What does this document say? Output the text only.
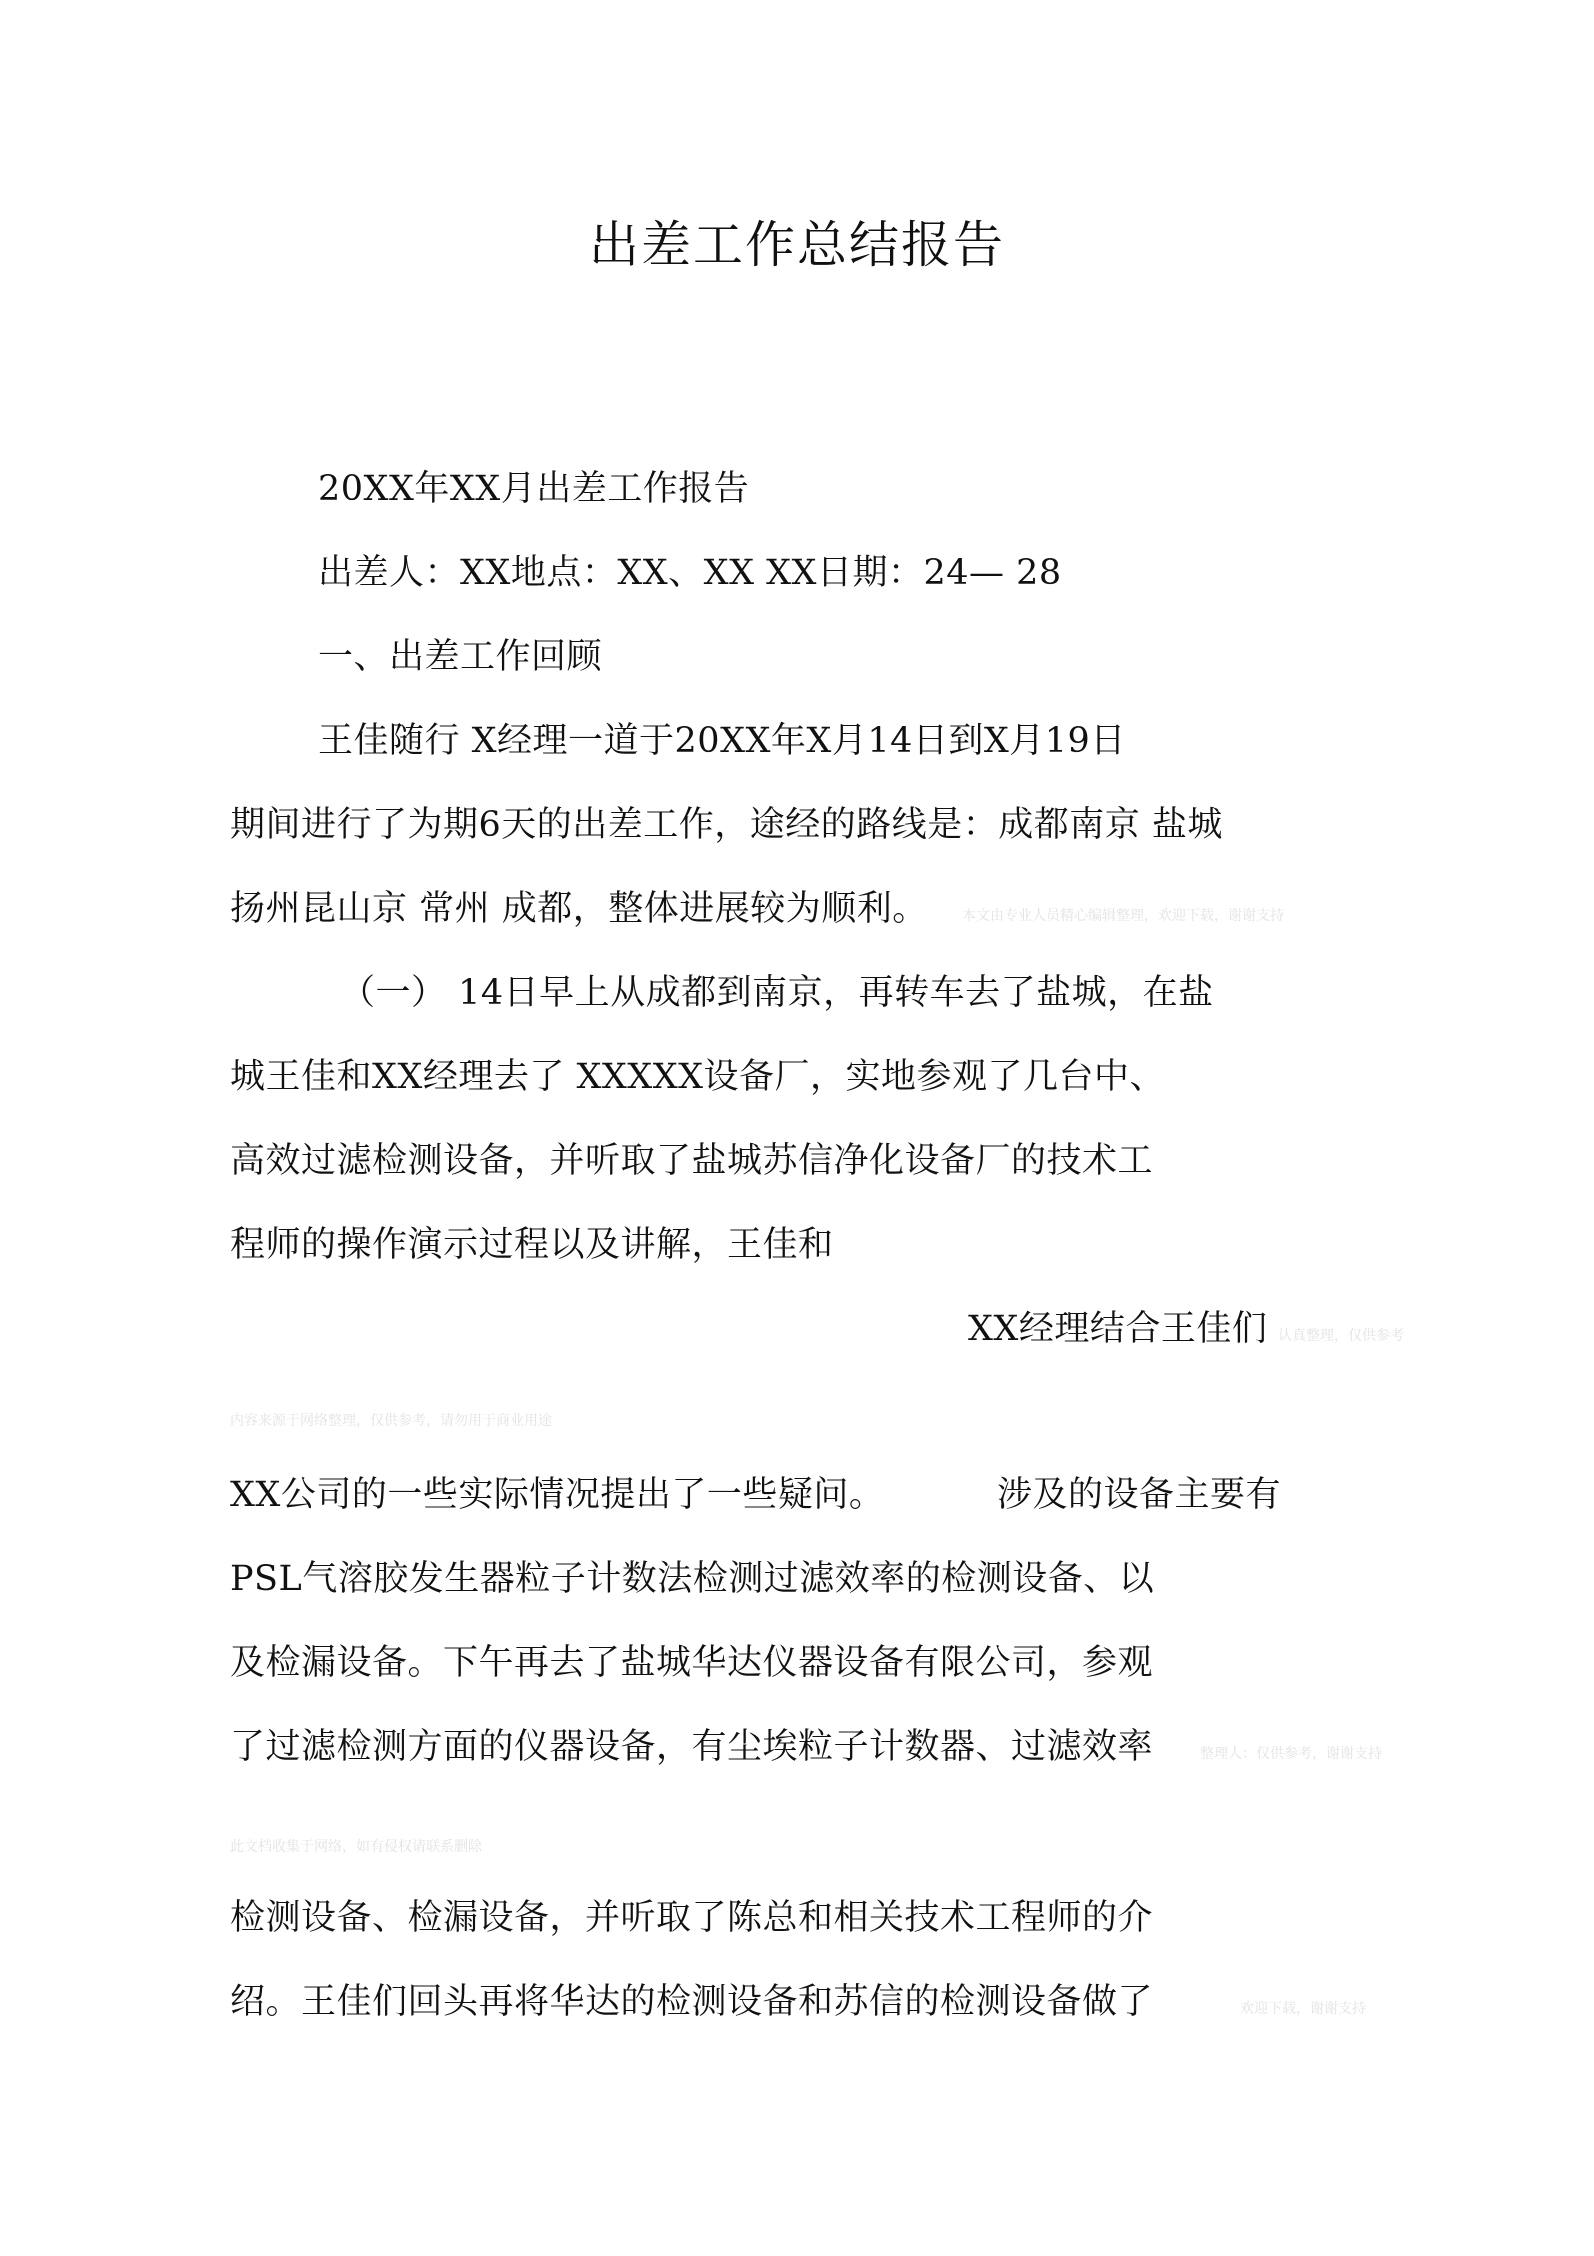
出差工作总结报告
20XX年XX月出差工作报告
出差人：XX地点：XX、XX XX日期：24— 28
一、出差工作回顾
王佳随行 X经理一道于20XX年X月14日到X月19日
期间进行了为期6天的出差工作，途经的路线是：成都南京 盐城
扬州昆山京 常州 成都，整体进展较为顺利。 本文由专业人员精心编辑整理，欢迎下载，谢谢支持
（一） 14日早上从成都到南京，再转车去了盐城，在盐
城王佳和XX经理去了 XXXXX设备厂，实地参观了几台中、
高效过滤检测设备，并听取了盐城苏信净化设备厂的技术工
程师的操作演示过程以及讲解，王佳和
XX经理结合王佳们 认真整理，仅供参考
内容来源于网络整理，仅供参考，请勿用于商业用途
XX公司的一些实际情况提出了一些疑问。	涉及的设备主要有
PSL气溶胶发生器粒子计数法检测过滤效率的检测设备、以
及检漏设备。下午再去了盐城华达仪器设备有限公司，参观
了过滤检测方面的仪器设备，有尘埃粒子计数器、过滤效率	整理人：仅供参考，谢谢支持
此文档收集于网络，如有侵权请联系删除
检测设备、检漏设备，并听取了陈总和相关技术工程师的介
绍。王佳们回头再将华达的检测设备和苏信的检测设备做了	欢迎下载，谢谢支持
